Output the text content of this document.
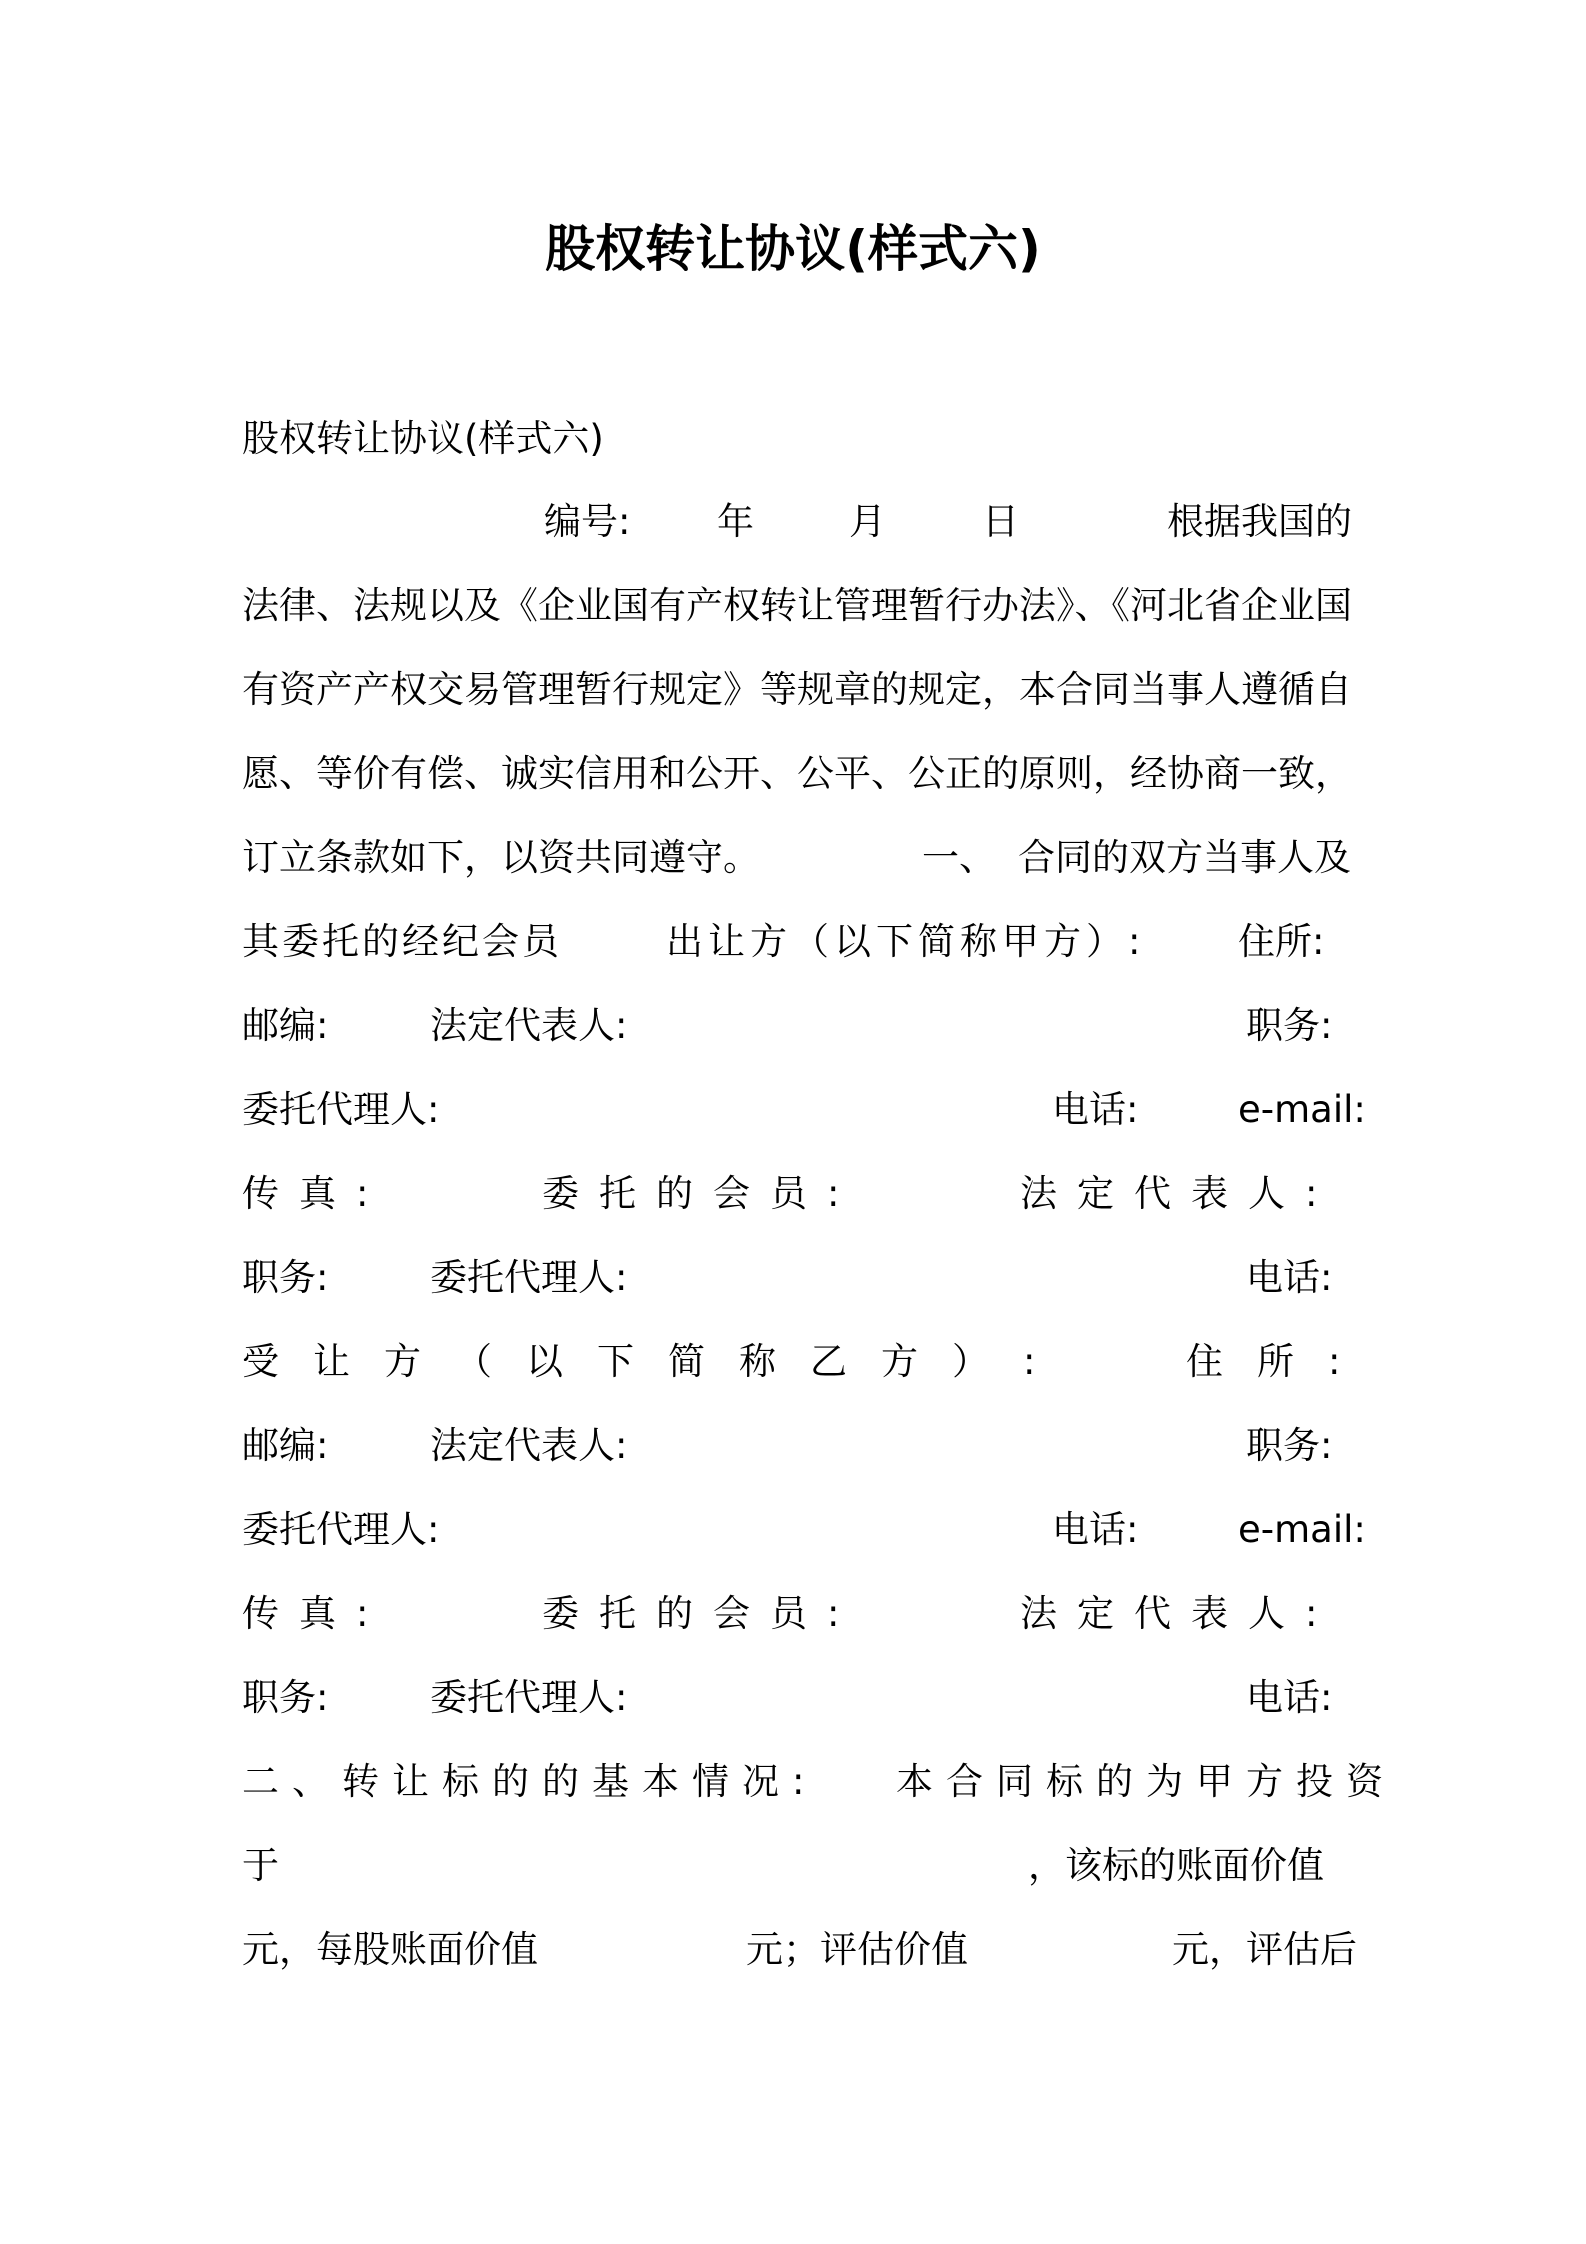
股权转让协议(样式六)
股权转让协议(样式六)
编号: 年	月	日	根据我国的
法律、法规以及《企业国有产权转让管理暂行办法》、《河北省企业国
有资产产权交易管理暂行规定》等规章的规定，本合同当事人遵循自
愿、等价有偿、诚实信用和公开、公平、公正的原则，经协商一致，
订立条款如下，以资共同遵守。	一、 合同的双方当事人及
其委托的经纪会员	出让方（以下简称甲方）:	住所:
邮编:	法定代表人:	职务:
委托代理人:	电话:	e-mail:
传真:	委托的会员:	法定代表人:
职务:	委托代理人:	电话:
受让方（以下简称乙方）:	住所:
邮编:	法定代表人:	职务:
委托代理人:	电话:	e-mail:
传真:	委托的会员:	法定代表人:
职务:	委托代理人:	电话:
二、转让标的的基本情况: 本合同标的为甲方投资
于	，该标的账面价值
元，每股账面价值	元；评估价值	元，评估后
